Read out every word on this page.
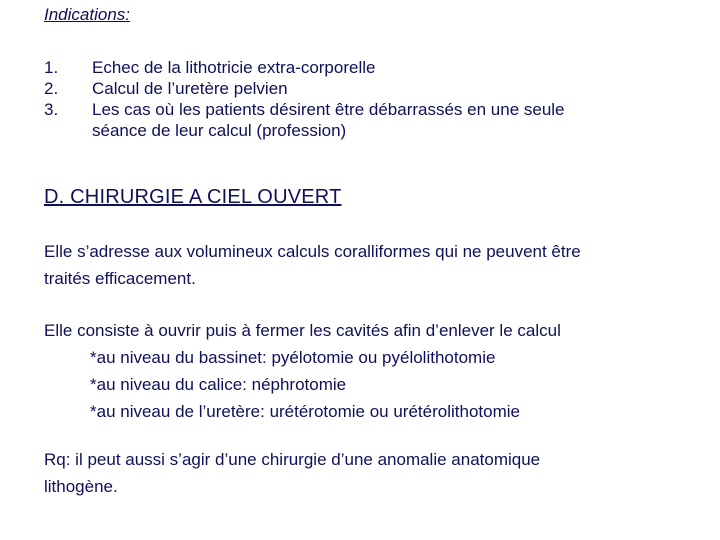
Indications:
1.	Echec de la lithotricie extra-corporelle
2.	Calcul de l’uretère pelvien
3.	Les cas où les patients désirent être débarrassés en une seule
séance de leur calcul (profession)
D. CHIRURGIE A CIEL OUVERT
Elle s’adresse aux volumineux calculs coralliformes qui ne peuvent être
traités efficacement.
Elle consiste à ouvrir puis à fermer les cavités afin d’enlever le calcul
*au niveau du bassinet: pyélotomie ou pyélolithotomie
*au niveau du calice: néphrotomie
*au niveau de l’uretère: urétérotomie ou urétérolithotomie
Rq: il peut aussi s’agir d’une chirurgie d’une anomalie anatomique
lithogène.
